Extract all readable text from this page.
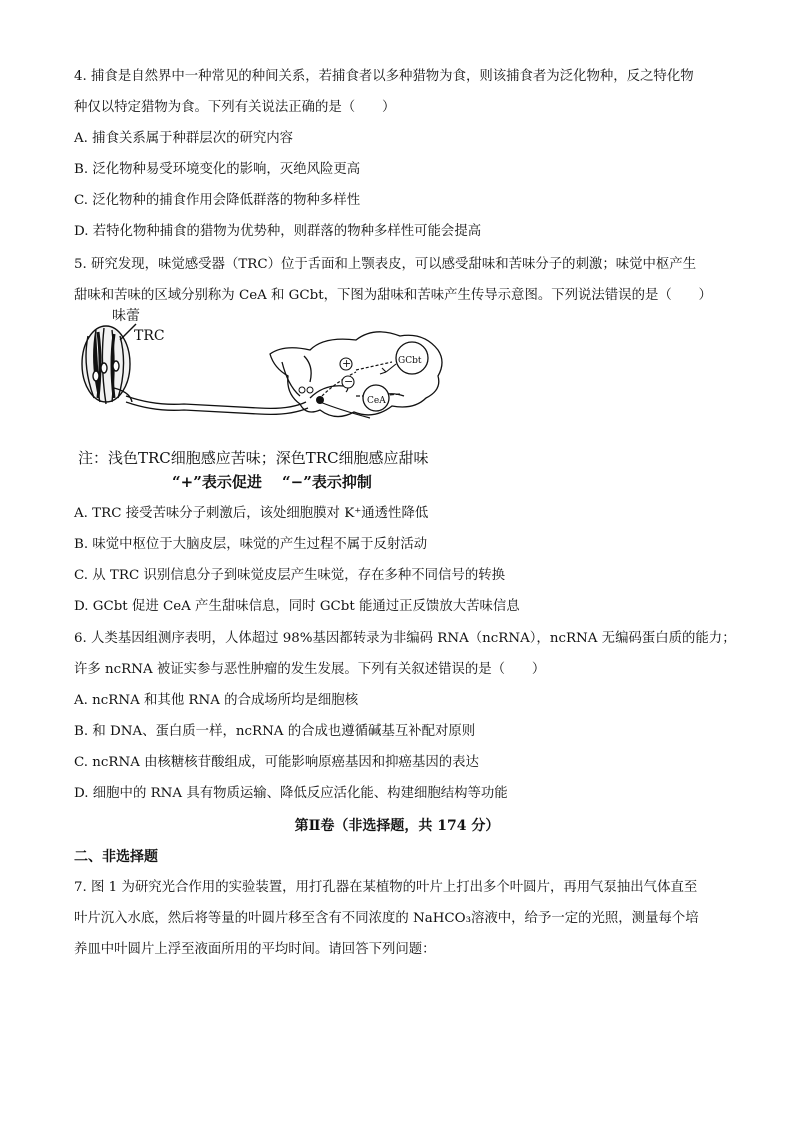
4. 捕食是自然界中一种常见的种间关系，若捕食者以多种猎物为食，则该捕食者为泛化物种，反之特化物
种仅以特定猎物为食。下列有关说法正确的是（　　）
A. 捕食关系属于种群层次的研究内容
B. 泛化物种易受环境变化的影响，灭绝风险更高
C. 泛化物种的捕食作用会降低群落的物种多样性
D. 若特化物种捕食的猎物为优势种，则群落的物种多样性可能会提高
5. 研究发现，味觉感受器（TRC）位于舌面和上颚表皮，可以感受甜味和苦味分子的刺激；味觉中枢产生
甜味和苦味的区域分别称为 CeA 和 GCbt，下图为甜味和苦味产生传导示意图。下列说法错误的是（　　）
味蕾
TRC
GCbt
CeA
+
−
注：浅色TRC细胞感应苦味；深色TRC细胞感应甜味
“+”表示促进　 “−”表示抑制
A. TRC 接受苦味分子刺激后，该处细胞膜对 K⁺通透性降低
B. 味觉中枢位于大脑皮层，味觉的产生过程不属于反射活动
C. 从 TRC 识别信息分子到味觉皮层产生味觉，存在多种不同信号的转换
D. GCbt 促进 CeA 产生甜味信息，同时 GCbt 能通过正反馈放大苦味信息
6. 人类基因组测序表明，人体超过 98%基因都转录为非编码 RNA（ncRNA），ncRNA 无编码蛋白质的能力；
许多 ncRNA 被证实参与恶性肿瘤的发生发展。下列有关叙述错误的是（　　）
A. ncRNA 和其他 RNA 的合成场所均是细胞核
B. 和 DNA、蛋白质一样，ncRNA 的合成也遵循碱基互补配对原则
C. ncRNA 由核糖核苷酸组成，可能影响原癌基因和抑癌基因的表达
D. 细胞中的 RNA 具有物质运输、降低反应活化能、构建细胞结构等功能
第Ⅱ卷（非选择题，共 174 分）
二、非选择题
7. 图 1 为研究光合作用的实验装置，用打孔器在某植物的叶片上打出多个叶圆片，再用气泵抽出气体直至
叶片沉入水底，然后将等量的叶圆片移至含有不同浓度的 NaHCO₃溶液中，给予一定的光照，测量每个培
养皿中叶圆片上浮至液面所用的平均时间。请回答下列问题：
